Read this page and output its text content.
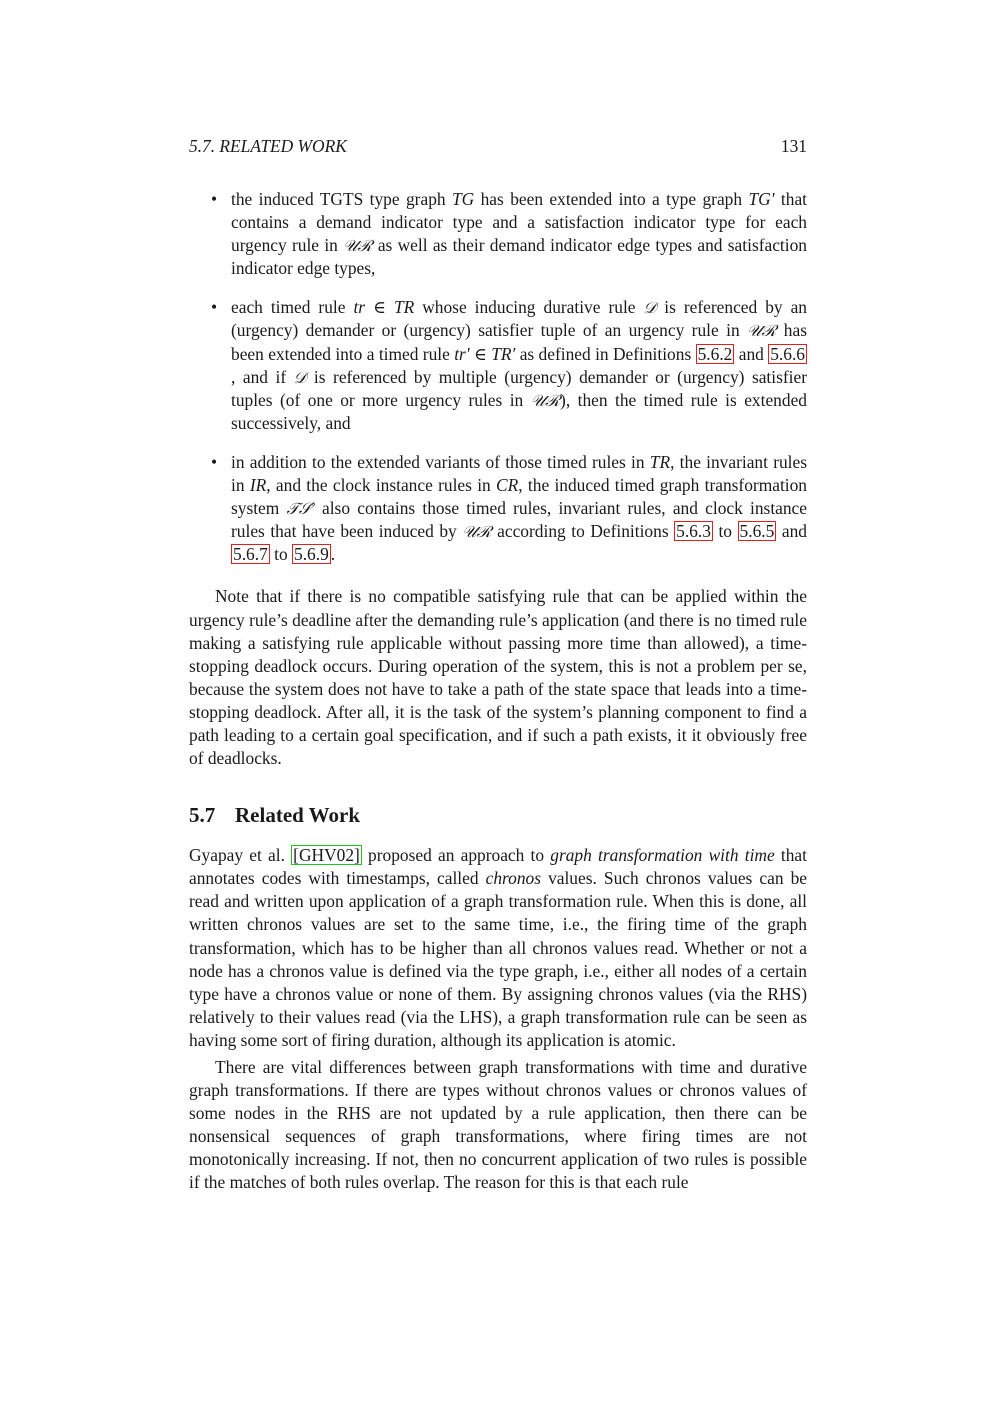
5.7. RELATED WORK	131
• the induced TGTS type graph TG has been extended into a type graph TG′ that contains a demand indicator type and a satisfaction indicator type for each urgency rule in 𝒰ℛ as well as their demand indicator edge types and satisfaction indicator edge types,
• each timed rule tr ∈ TR whose inducing durative rule 𝒟 is referenced by an (urgency) demander or (urgency) satisfier tuple of an urgency rule in 𝒰ℛ has been extended into a timed rule tr′ ∈ TR′ as defined in Definitions 5.6.2 and 5.6.6, and if 𝒟 is referenced by multiple (urgency) demander or (urgency) satisfier tuples (of one or more urgency rules in 𝒰ℛ), then the timed rule is extended successively, and
• in addition to the extended variants of those timed rules in TR, the invariant rules in IR, and the clock instance rules in CR, the induced timed graph transformation system 𝒯𝒮′ also contains those timed rules, invariant rules, and clock instance rules that have been induced by 𝒰ℛ according to Definitions 5.6.3 to 5.6.5 and 5.6.7 to 5.6.9 .

Note that if there is no compatible satisfying rule that can be applied within the urgency rule’s deadline after the demanding rule’s application (and there is no timed rule making a satisfying rule applicable without passing more time than allowed), a time-stopping deadlock occurs. During operation of the system, this is not a problem per se, because the system does not have to take a path of the state space that leads into a time-stopping deadlock. After all, it is the task of the system’s planning component to find a path leading to a certain goal specification, and if such a path exists, it it obviously free of deadlocks.

5.7 Related Work

Gyapay et al. [GHV02] proposed an approach to graph transformation with time that annotates codes with timestamps, called chronos values. Such chronos values can be read and written upon application of a graph transformation rule. When this is done, all written chronos values are set to the same time, i.e., the firing time of the graph transformation, which has to be higher than all chronos values read. Whether or not a node has a chronos value is defined via the type graph, i.e., either all nodes of a certain type have a chronos value or none of them. By assigning chronos values (via the RHS) relatively to their values read (via the LHS), a graph transformation rule can be seen as having some sort of firing duration, although its application is atomic.

There are vital differences between graph transformations with time and durative graph transformations. If there are types without chronos values or chronos values of some nodes in the RHS are not updated by a rule application, then there can be nonsensical sequences of graph transformations, where firing times are not monotonically increasing. If not, then no concurrent application of two rules is possible if the matches of both rules overlap. The reason for this is that each rule
